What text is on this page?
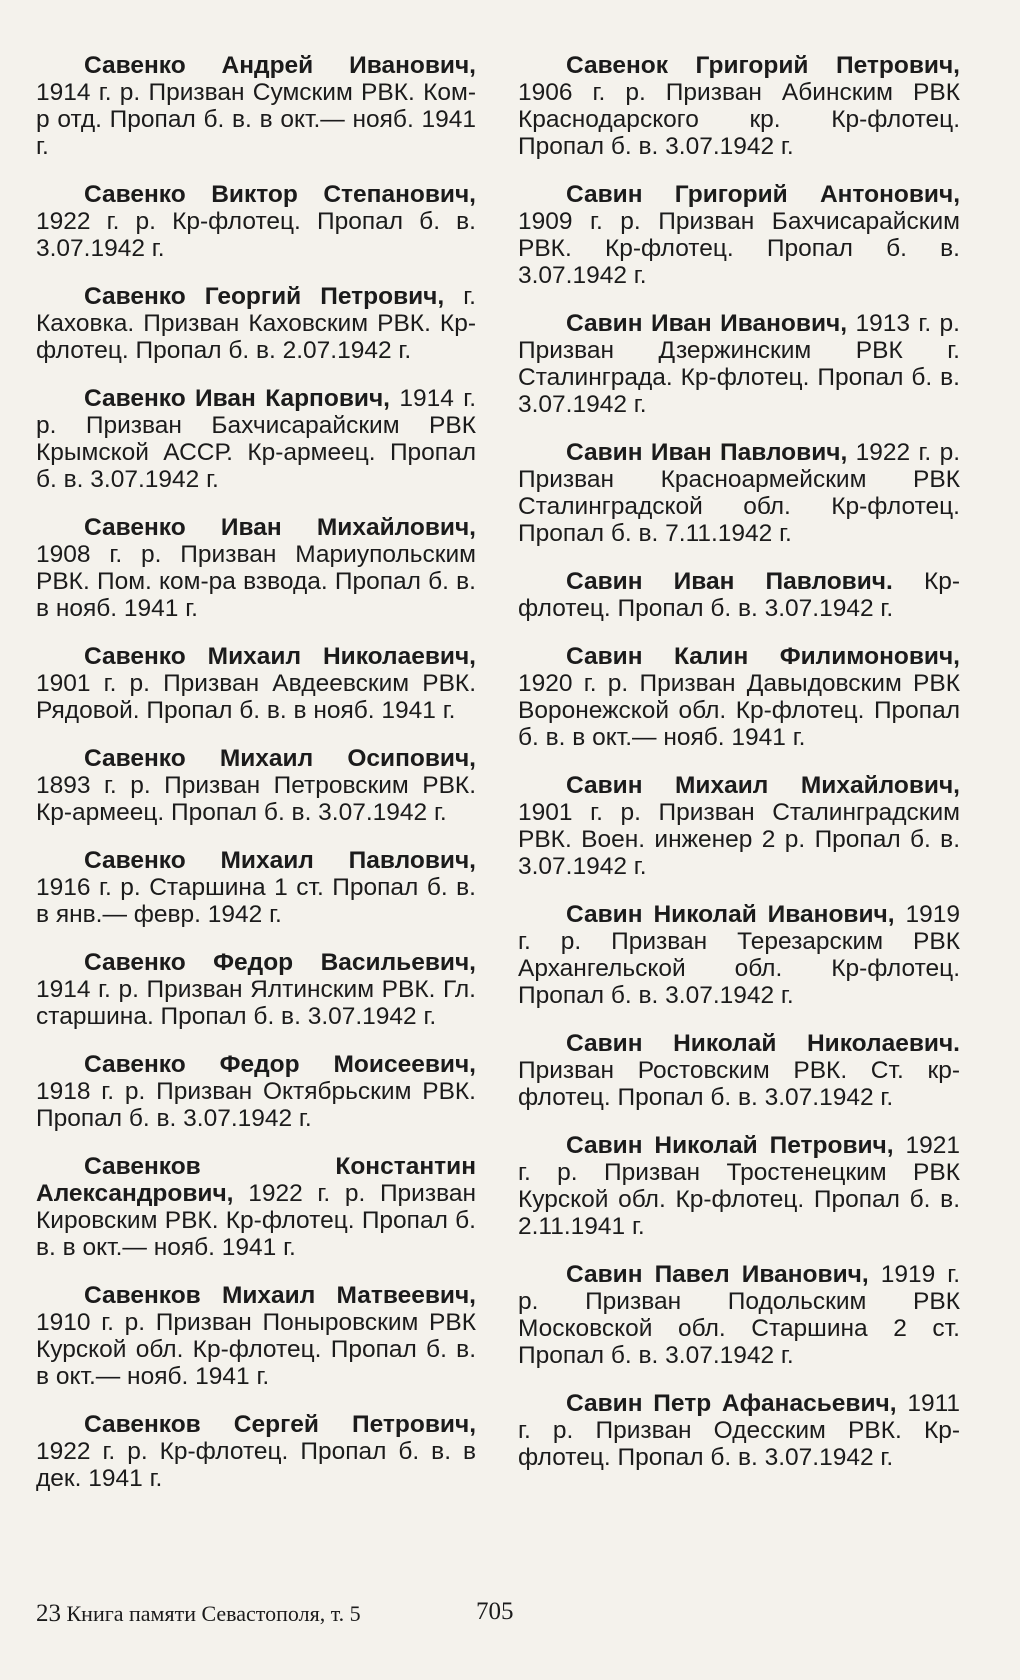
Савенко Андрей Иванович,1914 г. р. Призван Сумским РВК. Ком-р отд. Пропал б. в. в окт.— нояб. 1941 г.

Савенко Виктор Степанович,1922 г. р. Кр-флотец. Пропал б. в. 3.07.1942 г.

Савенко Георгий Петрович, г. Каховка. Призван Каховским РВК. Кр-флотец. Пропал б. в. 2.07.1942 г.

Савенко Иван Карпович, 1914 г. р. Призван Бахчисарайским РВК Крымской АССР. Кр-армеец. Пропал б. в. 3.07.1942 г.

Савенко Иван Михайлович,1908 г. р. Призван Мариупольским РВК. Пом. ком-ра взвода. Пропал б. в. в нояб. 1941 г.

Савенко Михаил Николаевич,1901 г. р. Призван Авдеевским РВК. Рядовой. Пропал б. в. в нояб. 1941 г.

Савенко Михаил Осипович,1893 г. р. Призван Петровским РВК. Кр-армеец. Пропал б. в. 3.07.1942 г.

Савенко Михаил Павлович,1916 г. р. Старшина 1 ст. Пропал б. в. в янв.— февр. 1942 г.

Савенко Федор Васильевич,1914 г. р. Призван Ялтинским РВК. Гл. старшина. Пропал б. в. 3.07.1942 г.

Савенко Федор Моисеевич,1918 г. р. Призван Октябрьским РВК. Пропал б. в. 3.07.1942 г.

Савенков Константин Александрович, 1922 г. р. Призван Кировским РВК. Кр-флотец. Пропал б. в. в окт.— нояб. 1941 г.

Савенков Михаил Матвеевич,1910 г. р. Призван Поныровским РВК Курской обл. Кр-флотец. Пропал б. в. в окт.— нояб. 1941 г.

Савенков Сергей Петрович,1922 г. р. Кр-флотец. Пропал б. в. в дек. 1941 г.

Савенок Григорий Петрович,1906 г. р. Призван Абинским РВК Краснодарского кр. Кр-флотец. Пропал б. в. 3.07.1942 г.

Савин Григорий Антонович,1909 г. р. Призван Бахчисарайским РВК. Кр-флотец. Пропал б. в. 3.07.1942 г.

Савин Иван Иванович, 1913 г. р. Призван Дзержинским РВК г. Сталинграда. Кр-флотец. Пропал б. в. 3.07.1942 г.

Савин Иван Павлович, 1922 г. р. Призван Красноармейским РВК Сталинградской обл. Кр-флотец. Пропал б. в. 7.11.1942 г.

Савин Иван Павлович. Кр-флотец. Пропал б. в. 3.07.1942 г.

Савин Калин Филимонович,1920 г. р. Призван Давыдовским РВК Воронежской обл. Кр-флотец. Пропал б. в. в окт.— нояб. 1941 г.

Савин Михаил Михайлович,1901 г. р. Призван Сталинградским РВК. Воен. инженер 2 р. Пропал б. в. 3.07.1942 г.

Савин Николай Иванович, 1919 г. р. Призван Терезарским РВК Архангельской обл. Кр-флотец. Пропал б. в. 3.07.1942 г.

Савин Николай Николаевич.Призван Ростовским РВК. Ст. кр-флотец. Пропал б. в. 3.07.1942 г.

Савин Николай Петрович, 1921 г. р. Призван Тростенецким РВК Курской обл. Кр-флотец. Пропал б. в. 2.11.1941 г.

Савин Павел Иванович, 1919 г. р. Призван Подольским РВК Московской обл. Старшина 2 ст. Пропал б. в. 3.07.1942 г.

Савин Петр Афанасьевич, 1911 г. р. Призван Одесским РВК. Кр-флотец. Пропал б. в. 3.07.1942 г.

23 Книга памяти Севастополя, т. 5	705
